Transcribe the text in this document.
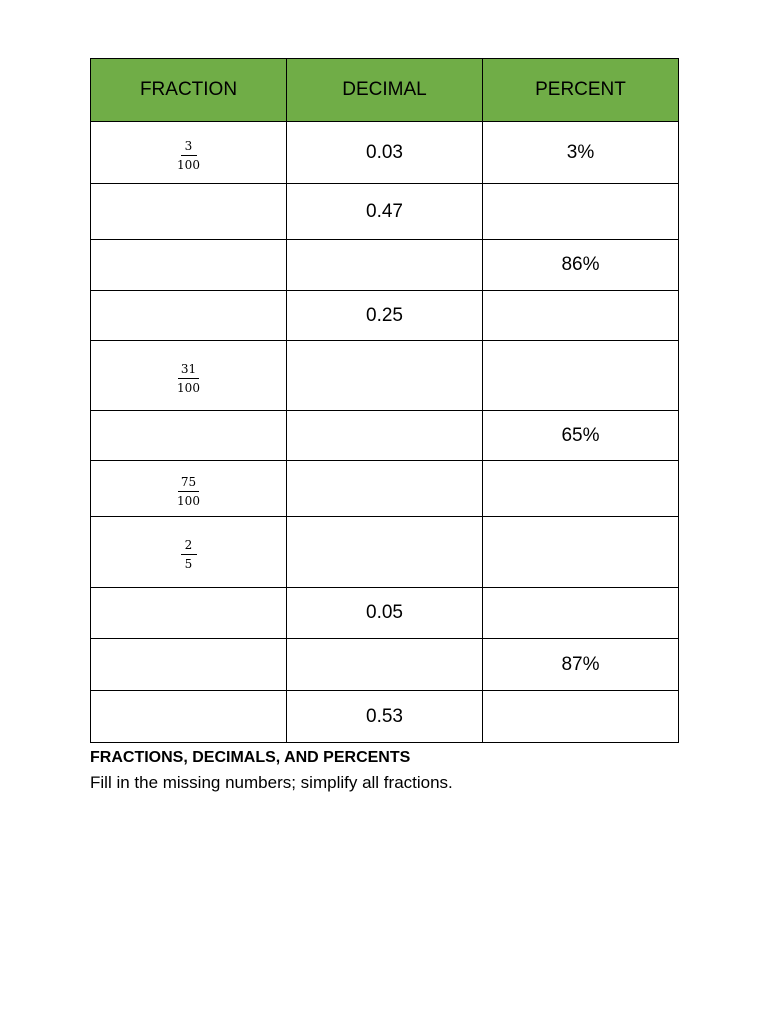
FRACTION	DECIMAL	PERCENT

$\frac{3}{100}$	0.03	3%
	0.47	
		86%
	0.25	

$\frac{31}{100}$

		65%

$\frac{75}{100}$

$\frac{2}{5}$

	0.05	
		87%
	0.53	
FRACTIONS, DECIMALS, AND PERCENTS
Fill in the missing numbers; simplify all fractions.
